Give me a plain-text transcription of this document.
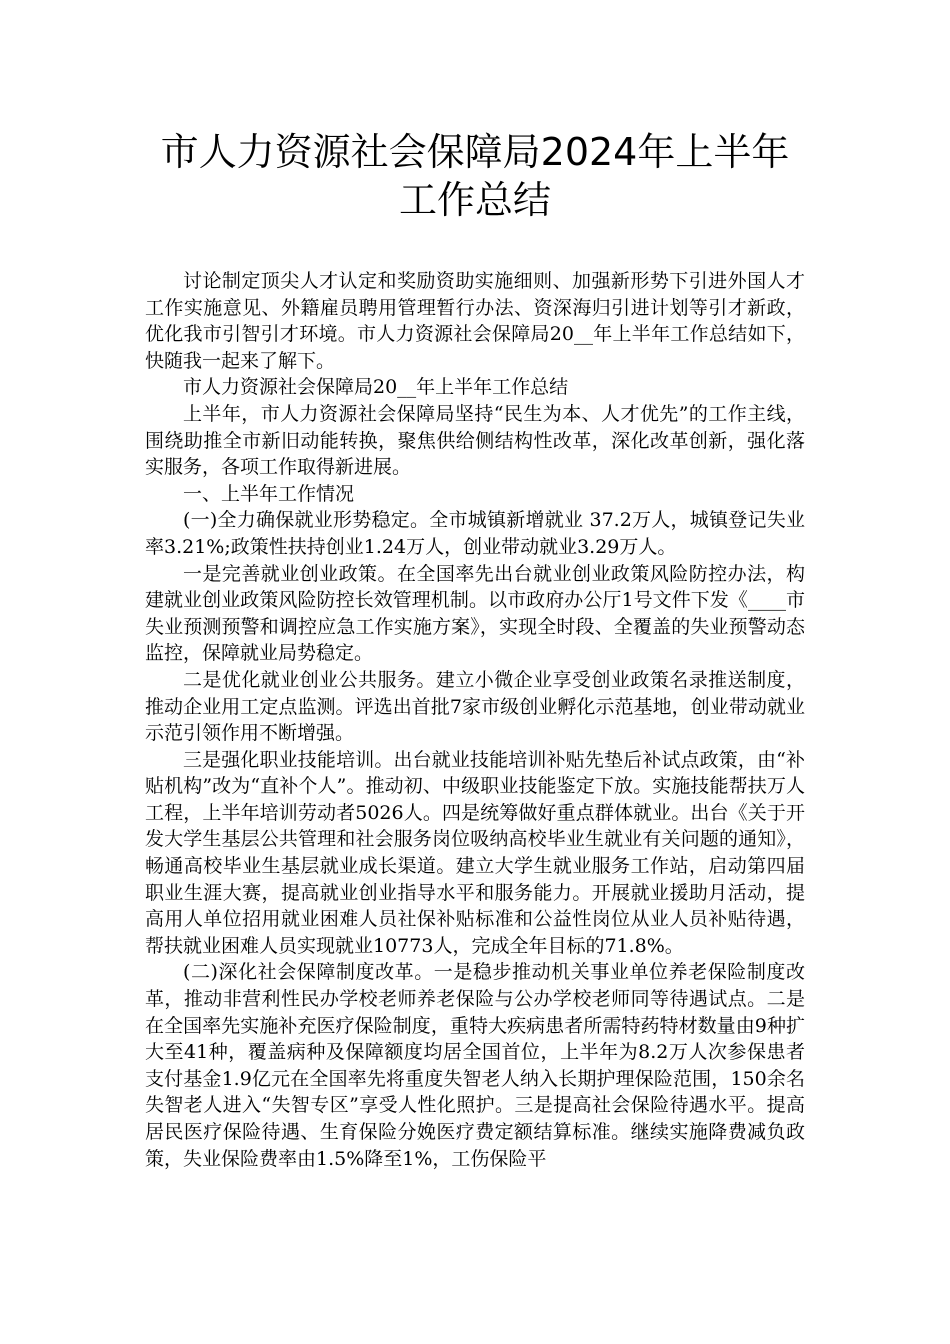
市人力资源社会保障局2024年上半年
工作总结

讨论制定顶尖人才认定和奖励资助实施细则、加强新形势下引进外国人才工作实施意见、外籍雇员聘用管理暂行办法、资深海归引进计划等引才新政，优化我市引智引才环境。市人力资源社会保障局20__年上半年工作总结如下，快随我一起来了解下。

市人力资源社会保障局20__年上半年工作总结

上半年，市人力资源社会保障局坚持“民生为本、人才优先”的工作主线，围绕助推全市新旧动能转换，聚焦供给侧结构性改革，深化改革创新，强化落实服务，各项工作取得新进展。

一、上半年工作情况

(一)全力确保就业形势稳定。全市城镇新增就业 37.2万人，城镇登记失业率3.21%;政策性扶持创业1.24万人，创业带动就业3.29万人。

一是完善就业创业政策。在全国率先出台就业创业政策风险防控办法，构建就业创业政策风险防控长效管理机制。以市政府办公厅1号文件下发《____市失业预测预警和调控应急工作实施方案》，实现全时段、全覆盖的失业预警动态监控，保障就业局势稳定。

二是优化就业创业公共服务。建立小微企业享受创业政策名录推送制度，推动企业用工定点监测。评选出首批7家市级创业孵化示范基地，创业带动就业示范引领作用不断增强。

三是强化职业技能培训。出台就业技能培训补贴先垫后补试点政策，由“补贴机构”改为“直补个人”。推动初、中级职业技能鉴定下放。实施技能帮扶万人工程，上半年培训劳动者5026人。四是统筹做好重点群体就业。出台《关于开发大学生基层公共管理和社会服务岗位吸纳高校毕业生就业有关问题的通知》，畅通高校毕业生基层就业成长渠道。建立大学生就业服务工作站，启动第四届职业生涯大赛，提高就业创业指导水平和服务能力。开展就业援助月活动，提高用人单位招用就业困难人员社保补贴标准和公益性岗位从业人员补贴待遇，帮扶就业困难人员实现就业10773人，完成全年目标的71.8%。

(二)深化社会保障制度改革。一是稳步推动机关事业单位养老保险制度改革，推动非营利性民办学校老师养老保险与公办学校老师同等待遇试点。二是在全国率先实施补充医疗保险制度，重特大疾病患者所需特药特材数量由9种扩大至41种，覆盖病种及保障额度均居全国首位，上半年为8.2万人次参保患者支付基金1.9亿元在全国率先将重度失智老人纳入长期护理保险范围，150余名失智老人进入“失智专区”享受人性化照护。三是提高社会保险待遇水平。提高居民医疗保险待遇、生育保险分娩医疗费定额结算标准。继续实施降费减负政策，失业保险费率由1.5%降至1%，工伤保险平
